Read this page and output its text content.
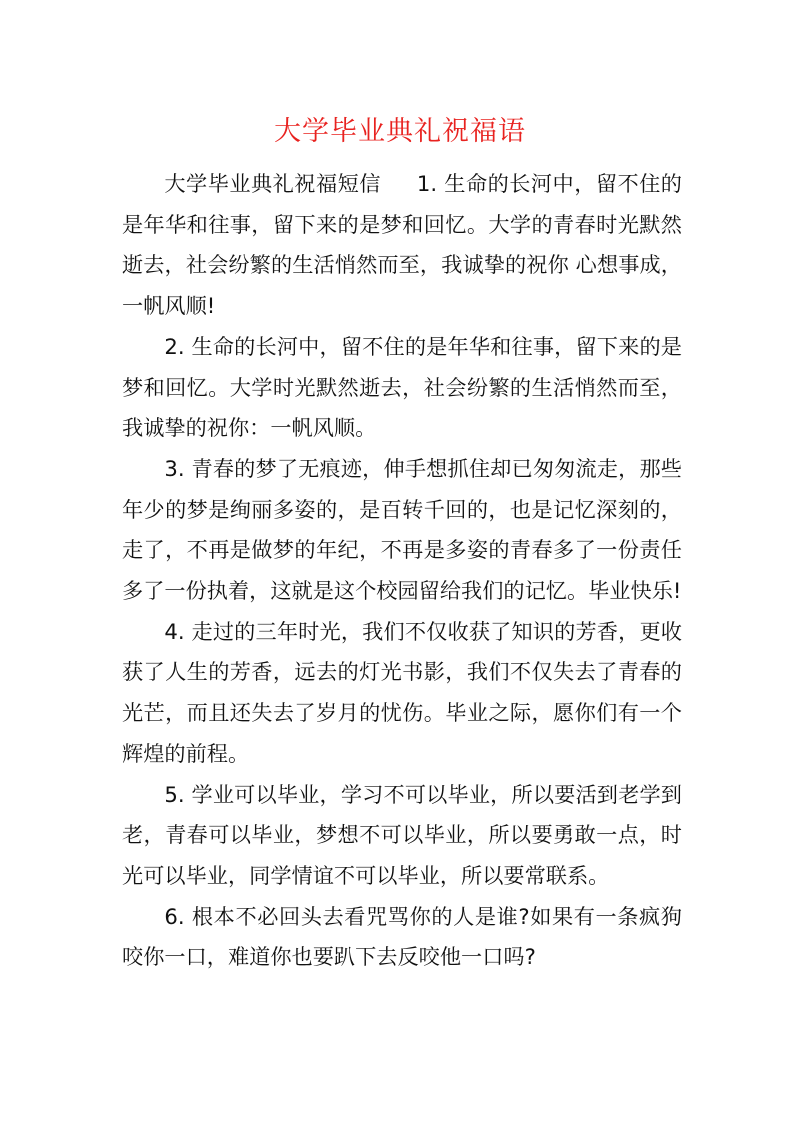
大学毕业典礼祝福语

大学毕业典礼祝福短信 1. 生命的长河中，留不住的是年华和往事，留下来的是梦和回忆。大学的青春时光默然逝去，社会纷繁的生活悄然而至，我诚挚的祝你 心想事成，一帆风顺!

2. 生命的长河中，留不住的是年华和往事，留下来的是梦和回忆。大学时光默然逝去，社会纷繁的生活悄然而至，我诚挚的祝你：一帆风顺。

3. 青春的梦了无痕迹，伸手想抓住却已匆匆流走，那些年少的梦是绚丽多姿的，是百转千回的，也是记忆深刻的，走了，不再是做梦的年纪，不再是多姿的青春多了一份责任多了一份执着，这就是这个校园留给我们的记忆。毕业快乐!

4. 走过的三年时光，我们不仅收获了知识的芳香，更收获了人生的芳香，远去的灯光书影，我们不仅失去了青春的光芒，而且还失去了岁月的忧伤。毕业之际，愿你们有一个辉煌的前程。

5. 学业可以毕业，学习不可以毕业，所以要活到老学到老，青春可以毕业，梦想不可以毕业，所以要勇敢一点，时光可以毕业，同学情谊不可以毕业，所以要常联系。

6. 根本不必回头去看咒骂你的人是谁?如果有一条疯狗咬你一口，难道你也要趴下去反咬他一口吗?
